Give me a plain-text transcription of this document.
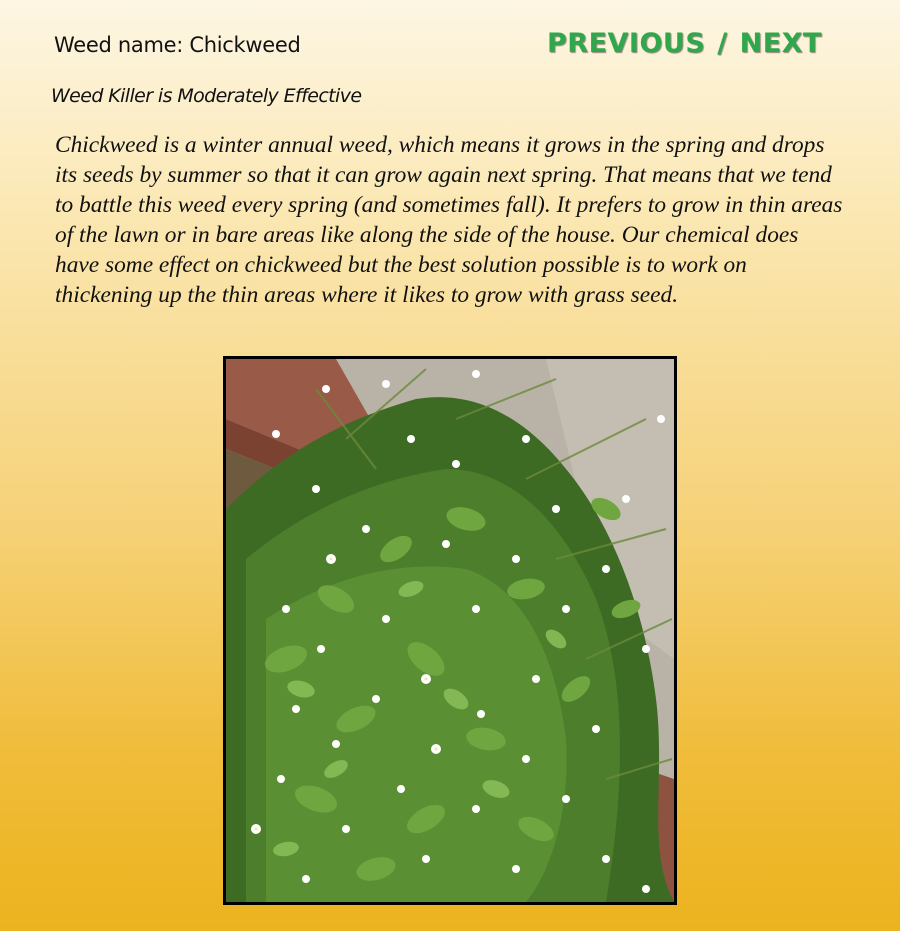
Weed name: Chickweed	PREVIOUS / NEXT
Weed Killer is Moderately Effective

Chickweed is a winter annual weed, which means it grows in the spring and drops its seeds by summer so that it can grow again next spring. That means that we tend to battle this weed every spring (and sometimes fall). It prefers to grow in thin areas of the lawn or in bare areas like along the side of the house. Our chemical does have some effect on chickweed but the best solution possible is to work on thickening up the thin areas where it likes to grow with grass seed.
